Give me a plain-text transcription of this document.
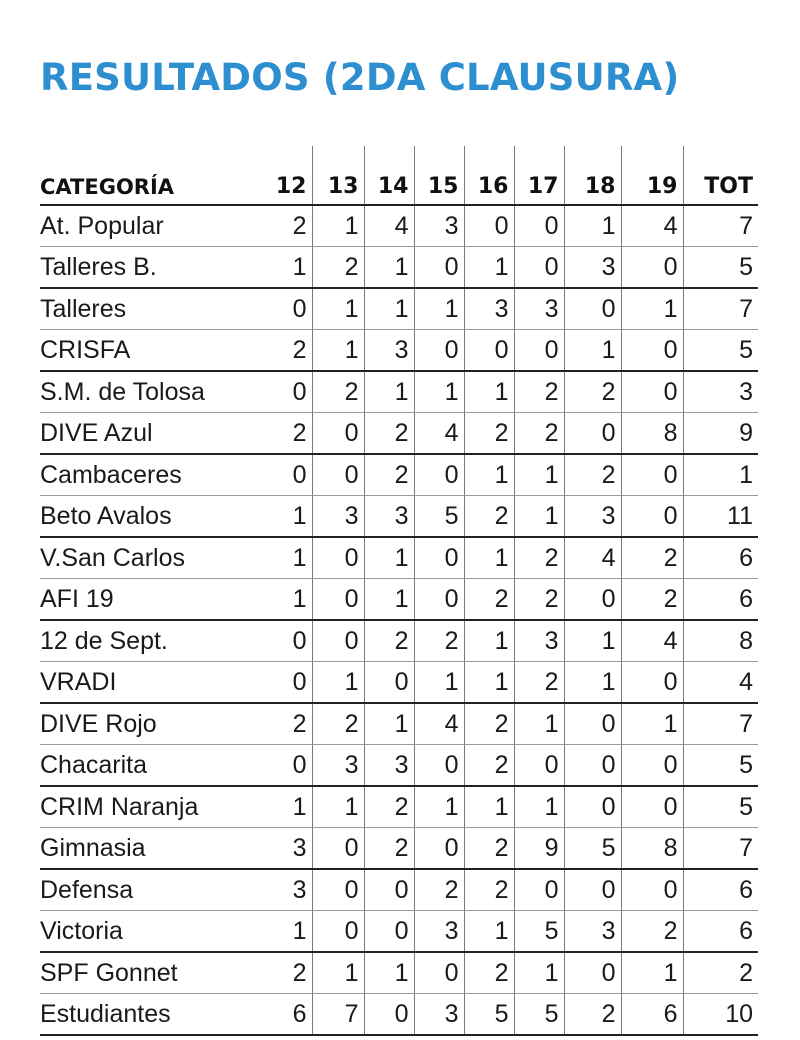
RESULTADOS (2DA CLAUSURA)
CATEGORÍA	12	13	14	15	16	17	18	19	TOT
At. Popular	2	1	4	3	0	0	1	4	7
Talleres B.	1	2	1	0	1	0	3	0	5
Talleres	0	1	1	1	3	3	0	1	7
CRISFA	2	1	3	0	0	0	1	0	5
S.M. de Tolosa	0	2	1	1	1	2	2	0	3
DIVE Azul	2	0	2	4	2	2	0	8	9
Cambaceres	0	0	2	0	1	1	2	0	1
Beto Avalos	1	3	3	5	2	1	3	0	11
V.San Carlos	1	0	1	0	1	2	4	2	6
AFI 19	1	0	1	0	2	2	0	2	6
12 de Sept.	0	0	2	2	1	3	1	4	8
VRADI	0	1	0	1	1	2	1	0	4
DIVE Rojo	2	2	1	4	2	1	0	1	7
Chacarita	0	3	3	0	2	0	0	0	5
CRIM Naranja	1	1	2	1	1	1	0	0	5
Gimnasia	3	0	2	0	2	9	5	8	7
Defensa	3	0	0	2	2	0	0	0	6
Victoria	1	0	0	3	1	5	3	2	6
SPF Gonnet	2	1	1	0	2	1	0	1	2
Estudiantes	6	7	0	3	5	5	2	6	10
